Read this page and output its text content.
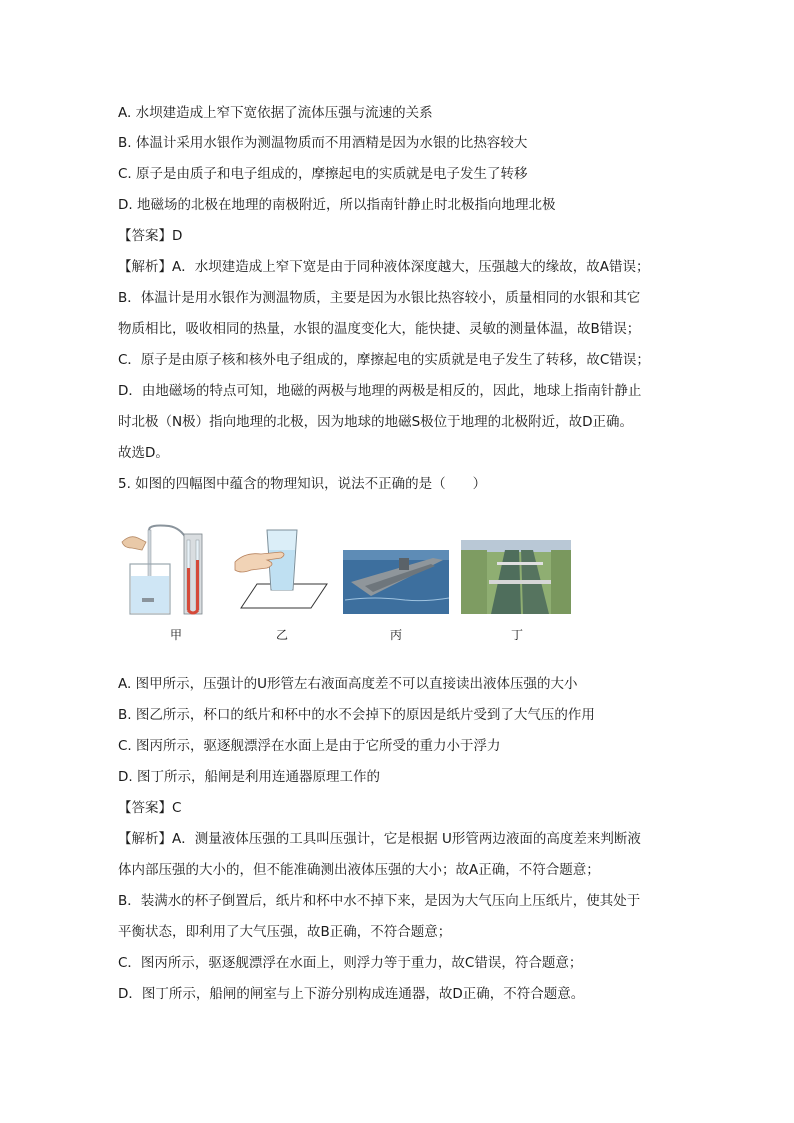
A. 水坝建造成上窄下宽依据了流体压强与流速的关系
B. 体温计采用水银作为测温物质而不用酒精是因为水银的比热容较大
C. 原子是由质子和电子组成的，摩擦起电的实质就是电子发生了转移
D. 地磁场的北极在地理的南极附近，所以指南针静止时北极指向地理北极
【答案】D
【解析】A．水坝建造成上窄下宽是由于同种液体深度越大，压强越大的缘故，故A错误；
B．体温计是用水银作为测温物质，主要是因为水银比热容较小，质量相同的水银和其它
物质相比，吸收相同的热量，水银的温度变化大，能快捷、灵敏的测量体温，故B错误；
C．原子是由原子核和核外电子组成的，摩擦起电的实质就是电子发生了转移，故C错误；
D．由地磁场的特点可知，地磁的两极与地理的两极是相反的，因此，地球上指南针静止
时北极（N极）指向地理的北极，因为地球的地磁S极位于地理的北极附近，故D正确。
故选D。
5. 如图的四幅图中蕴含的物理知识，说法不正确的是（　　）
甲	乙	丙	丁
A. 图甲所示，压强计的U形管左右液面高度差不可以直接读出液体压强的大小
B. 图乙所示，杯口的纸片和杯中的水不会掉下的原因是纸片受到了大气压的作用
C. 图丙所示，驱逐舰漂浮在水面上是由于它所受的重力小于浮力
D. 图丁所示，船闸是利用连通器原理工作的
【答案】C
【解析】A．测量液体压强的工具叫压强计，它是根据 U形管两边液面的高度差来判断液
体内部压强的大小的，但不能准确测出液体压强的大小；故A正确，不符合题意；
B．装满水的杯子倒置后，纸片和杯中水不掉下来，是因为大气压向上压纸片，使其处于
平衡状态，即利用了大气压强，故B正确，不符合题意；
C．图丙所示，驱逐舰漂浮在水面上，则浮力等于重力，故C错误，符合题意；
D．图丁所示，船闸的闸室与上下游分别构成连通器，故D正确，不符合题意。
